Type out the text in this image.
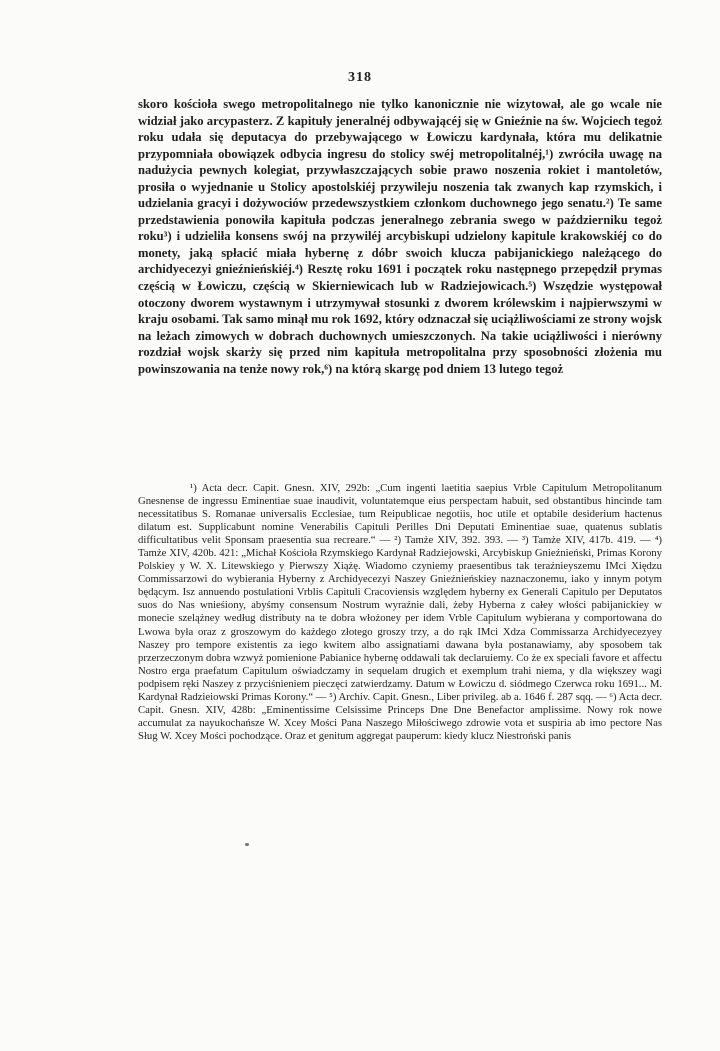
318

skoro kościoła swego metropolitalnego nie tylko kanonicznie nie wizytował, ale go wcale nie widział jako arcypasterz. Z kapituły jeneralnéj odbywającéj się w Gnieźnie na św. Wojciech tegoż roku udała się deputacya do przebywającego w Łowiczu kardynała, która mu delikatnie przypomniała obowiązek odbycia ingresu do stolicy swéj metropolitalnéj,¹) zwróciła uwagę na nadużycia pewnych kolegiat, przywłaszczających sobie prawo noszenia rokiet i mantoletów, prosiła o wyjednanie u Stolicy apostolskiéj przywileju noszenia tak zwanych kap rzymskich, i udzielania gracyi i dożywociów przedewszystkiem członkom duchownego jego senatu.²) Te same przedstawienia ponowiła kapituła podczas jeneralnego zebrania swego w październiku tegoż roku³) i udzieliła konsens swój na przywiléj arcybiskupi udzielony kapitule krakowskiéj co do monety, jaką spłacić miała hybernę z dóbr swoich klucza pabijanickiego należącego do archidyecezyi gnieźnieńskiéj.⁴) Resztę roku 1691 i początek roku następnego przepędził prymas częścią w Łowiczu, częścią w Skierniewicach lub w Radziejowicach.⁵) Wszędzie występował otoczony dworem wystawnym i utrzymywał stosunki z dworem królewskim i najpierwszymi w kraju osobami. Tak samo minął mu rok 1692, który odznaczał się uciążliwościami ze strony wojsk na leżach zimowych w dobrach duchownych umieszczonych. Na takie uciążliwości i nierówny rozdział wojsk skarży się przed nim kapituła metropolitalna przy sposobności złożenia mu powinszowania na tenże nowy rok,⁶) na którą skargę pod dniem 13 lutego tegoż

¹) Acta decr. Capit. Gnesn. XIV, 292b: „Cum ingenti laetitia saepius Vrble Capitulum Metropolitanum Gnesnense de ingressu Eminentiae suae inaudivit, voluntatemque eius perspectam habuit, sed obstantibus hincinde tam necessitatibus S. Romanae universalis Ecclesiae, tum Reipublicae negotiis, hoc utile et optabile desiderium hactenus dilatum est. Supplicabunt nomine Venerabilis Capituli Perilles Dni Deputati Eminentiae suae, quatenus sublatis difficultatibus velit Sponsam praesentia sua recreare.“ — ²) Tamże XIV, 392. 393. — ³) Tamże XIV, 417b. 419. — ⁴) Tamże XIV, 420b. 421: „Michał Kościoła Rzymskiego Kardynał Radziejowski, Arcybiskup Gnieźnieński, Primas Korony Polskiey y W. X. Litewskiego y Pierwszy Xiążę. Wiadomo czyniemy praesentibus tak teraźnieyszemu IMci Xiędzu Commissarzowi do wybierania Hyberny z Archidyecezyi Naszey Gnieźnieńskiey naznaczonemu, iako y innym potym będącym. Isz annuendo postulationi Vrblis Capituli Cracoviensis względem hyberny ex Generali Capitulo per Deputatos suos do Nas wnieśiony, abyśmy consensum Nostrum wyraźnie dali, żeby Hyberna z całey włości pabijanickiey w monecie szelążney według distributy na te dobra włożoney per idem Vrble Capitulum wybierana y comportowana do Lwowa była oraz z groszowym do każdego złotego groszy trzy, a do rąk IMci Xdza Commissarza Archidyecezyey Naszey pro tempore existentis za iego kwitem albo assignatiami dawana była postanawiamy, aby sposobem tak przerzeczonym dobra wzwyż pomienione Pabianice hybernę oddawali tak declaruiemy. Co że ex speciali favore et affectu Nostro erga praefatum Capitulum oświadczamy in sequelam drugich et exemplum trahi niema, y dla większey wagi podpisem ręki Naszey z przyciśnieniem pieczęci zatwierdzamy. Datum w Łowiczu d. siódmego Czerwca roku 1691... M. Kardynał Radzieiowski Primas Korony.“ — ⁵) Archiv. Capit. Gnesn., Liber privileg. ab a. 1646 f. 287 sqq. — ⁶) Acta decr. Capit. Gnesn. XIV, 428b: „Eminentissime Celsissime Princeps Dne Dne Benefactor amplissime. Nowy rok nowe accumulat za nayukochańsze W. Xcey Mości Pana Naszego Miłościwego zdrowie vota et suspiria ab imo pectore Nas Sług W. Xcey Mości pochodzące. Oraz et genitum aggregat pauperum: kiedy klucz Niestroński panis
